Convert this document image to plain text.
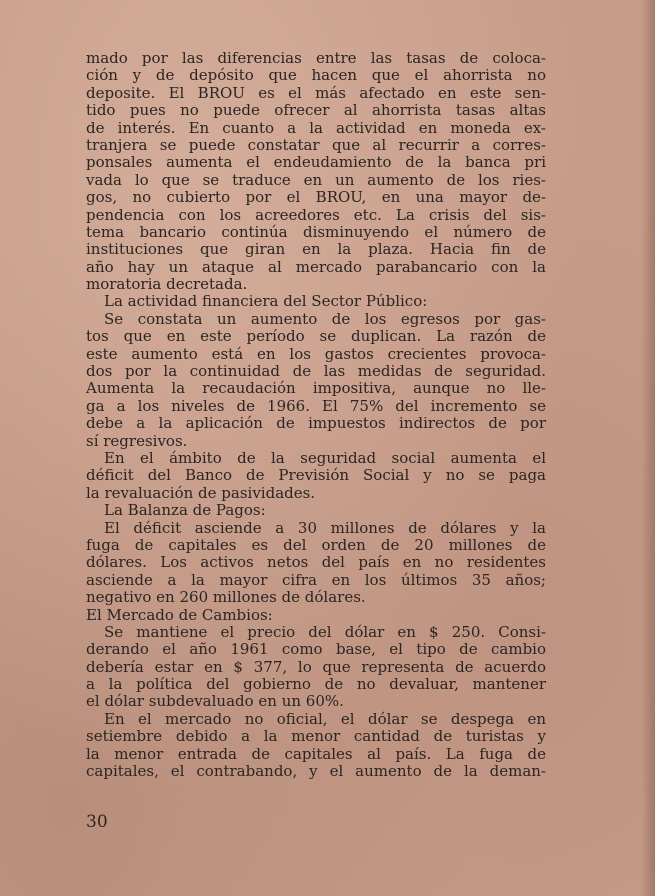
mado por las diferencias entre las tasas de coloca-
ción y de depósito que hacen que el ahorrista no
deposite. El BROU es el más afectado en este sen-
tido pues no puede ofrecer al ahorrista tasas altas
de interés. En cuanto a la actividad en moneda ex-
tranjera se puede constatar que al recurrir a corres-
ponsales aumenta el endeudamiento de la banca pri
vada lo que se traduce en un aumento de los ries-
gos, no cubierto por el BROU, en una mayor de-
pendencia con los acreedores etc. La crisis del sis-
tema bancario continúa disminuyendo el número de
instituciones que giran en la plaza. Hacia fin de
año hay un ataque al mercado parabancario con la
moratoria decretada.
La actividad financiera del Sector Público:
Se constata un aumento de los egresos por gas-
tos que en este período se duplican. La razón de
este aumento está en los gastos crecientes provoca-
dos por la continuidad de las medidas de seguridad.
Aumenta la recaudación impositiva, aunque no lle-
ga a los niveles de 1966. El 75% del incremento se
debe a la aplicación de impuestos indirectos de por
sí regresivos.
En el ámbito de la seguridad social aumenta el
déficit del Banco de Previsión Social y no se paga
la revaluación de pasividades.
La Balanza de Pagos:
El déficit asciende a 30 millones de dólares y la
fuga de capitales es del orden de 20 millones de
dólares. Los activos netos del país en no residentes
asciende a la mayor cifra en los últimos 35 años;
negativo en 260 millones de dólares.
El Mercado de Cambios:
Se mantiene el precio del dólar en $ 250. Consi-
derando el año 1961 como base, el tipo de cambio
debería estar en $ 377, lo que representa de acuerdo
a la política del gobierno de no devaluar, mantener
el dólar subdevaluado en un 60%.
En el mercado no oficial, el dólar se despega en
setiembre debido a la menor cantidad de turistas y
la menor entrada de capitales al país. La fuga de
capitales, el contrabando, y el aumento de la deman-
30
